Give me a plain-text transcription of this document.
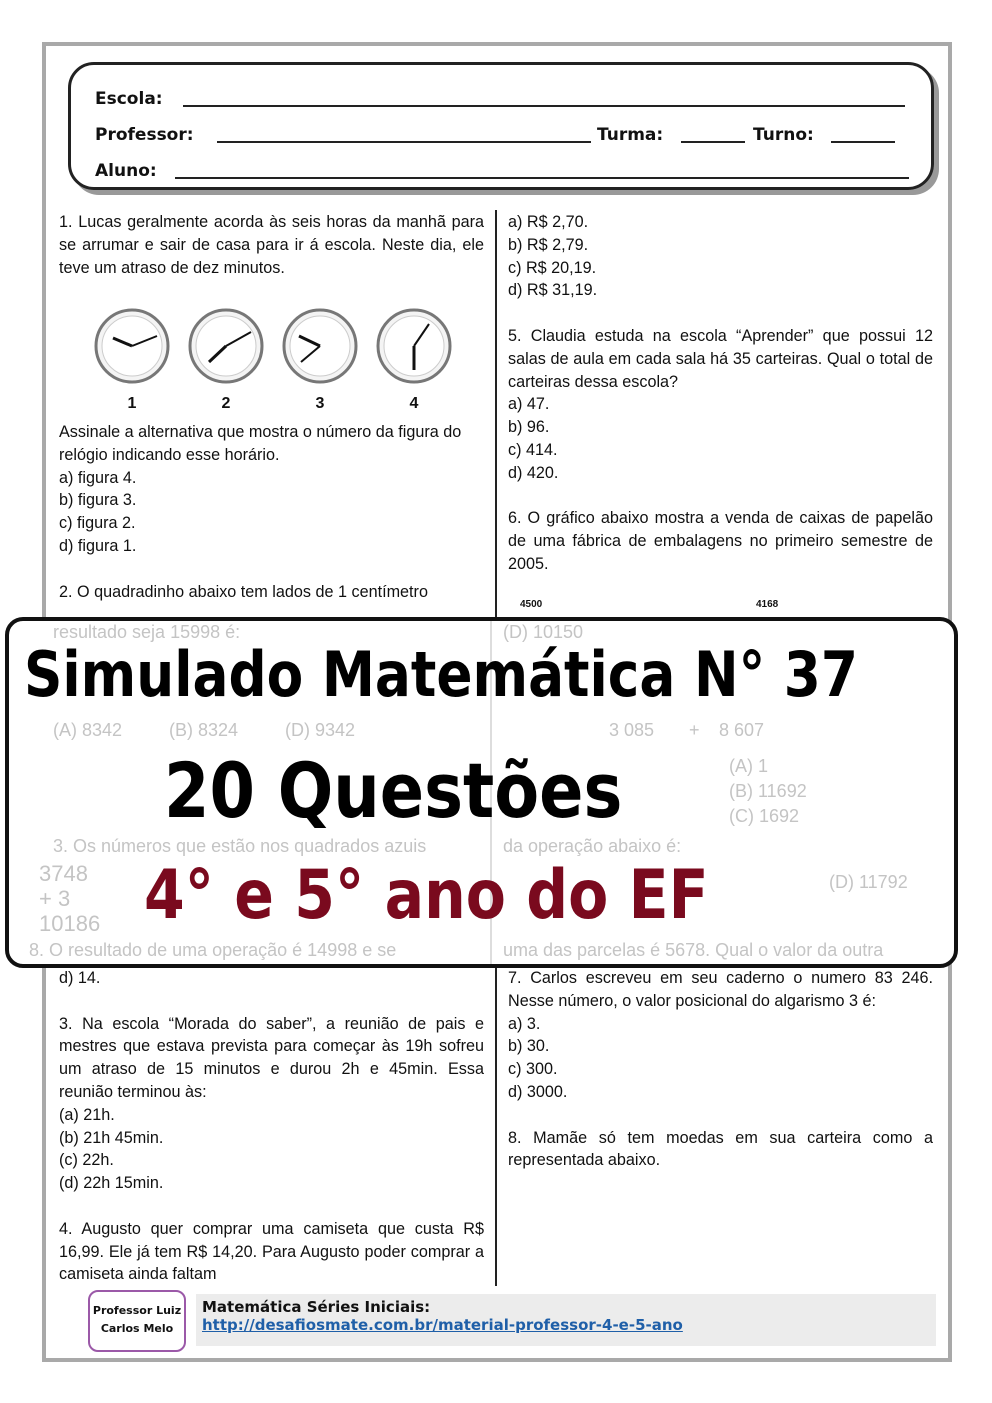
Escola:
Professor:	Turma:	Turno:
Aluno:

1. Lucas geralmente acorda às seis horas da manhã para se arrumar e sair de casa para ir á escola. Neste dia, ele teve um atraso de dez minutos.

1	2	3	4

Assinale a alternativa que mostra o número da figura do relógio indicando esse horário.

a) figura 4.

b) figura 3.

c) figura 2.

d) figura 1.

2. O quadradinho abaixo tem lados de 1 centímetro

d) 14.

3. Na escola “Morada do saber”, a reunião de pais e mestres que estava prevista para começar às 19h sofreu um atraso de 15 minutos e durou 2h e 45min. Essa reunião terminou às:

(a) 21h.

(b) 21h 45min.

(c) 22h.

(d) 22h 15min.

4. Augusto quer comprar uma camiseta que custa R$ 16,99. Ele já tem R$ 14,20. Para Augusto poder comprar a camiseta ainda faltam

a) R$ 2,70.

b) R$ 2,79.

c) R$ 20,19.

d) R$ 31,19.

5. Claudia estuda na escola “Aprender” que possui 12 salas de aula em cada sala há 35 carteiras. Qual o total de carteiras dessa escola?

a) 47.

b) 96.

c) 414.

d) 420.

6. O gráfico abaixo mostra a venda de caixas de papelão de uma fábrica de embalagens no primeiro semestre de 2005.

4500	4168

7. Carlos escreveu em seu caderno o numero 83 246. Nesse número, o valor posicional do algarismo 3 é:

a) 3.

b) 30.

c) 300.

d) 3000.

8. Mamãe só tem moedas em sua carteira como a representada abaixo.

resultado seja 15998 é:	(D) 10150

(A) 8342	(B) 8324	(D) 9342	3 085 + 8 607

(A) 1

(B) 11692

(C) 1692

3. Os números que estão nos quadrados azuis	da operação abaixo é:

3748

+ 3

10186

(D) 11792

8. O resultado de uma operação é 14998 e se	uma das parcelas é 5678. Qual o valor da outra

Simulado Matemática N° 37
20 Questões
4° e 5° ano do EF
Professor Luiz Carlos Melo
Matemática Séries Iniciais:
http://desafiosmate.com.br/material-professor-4-e-5-ano
